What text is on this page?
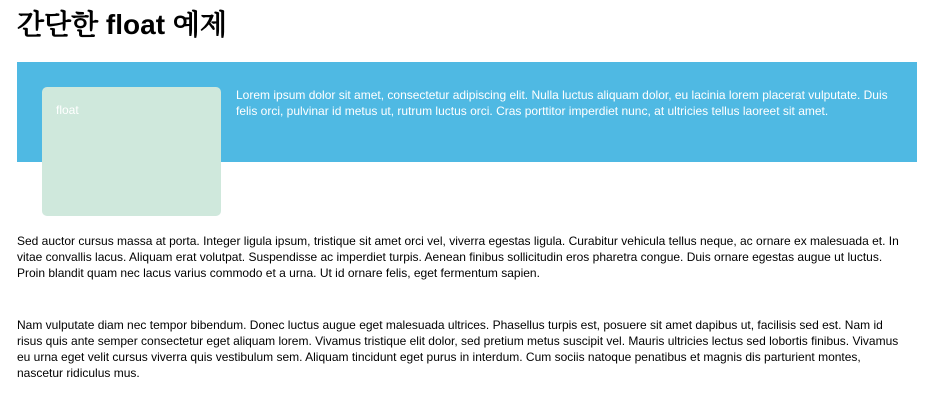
간단한 float 예제
float

Lorem ipsum dolor sit amet, consectetur adipiscing elit. Nulla luctus aliquam dolor, eu lacinia lorem placerat vulputate. Duis felis orci, pulvinar id metus ut, rutrum luctus orci. Cras porttitor imperdiet nunc, at ultricies tellus laoreet sit amet.

Sed auctor cursus massa at porta. Integer ligula ipsum, tristique sit amet orci vel, viverra egestas ligula. Curabitur vehicula tellus neque, ac ornare ex malesuada et. In vitae convallis lacus. Aliquam erat volutpat. Suspendisse ac imperdiet turpis. Aenean finibus sollicitudin eros pharetra congue. Duis ornare egestas augue ut luctus. Proin blandit quam nec lacus varius commodo et a urna. Ut id ornare felis, eget fermentum sapien.

Nam vulputate diam nec tempor bibendum. Donec luctus augue eget malesuada ultrices. Phasellus turpis est, posuere sit amet dapibus ut, facilisis sed est. Nam id risus quis ante semper consectetur eget aliquam lorem. Vivamus tristique elit dolor, sed pretium metus suscipit vel. Mauris ultricies lectus sed lobortis finibus. Vivamus eu urna eget velit cursus viverra quis vestibulum sem. Aliquam tincidunt eget purus in interdum. Cum sociis natoque penatibus et magnis dis parturient montes, nascetur ridiculus mus.
